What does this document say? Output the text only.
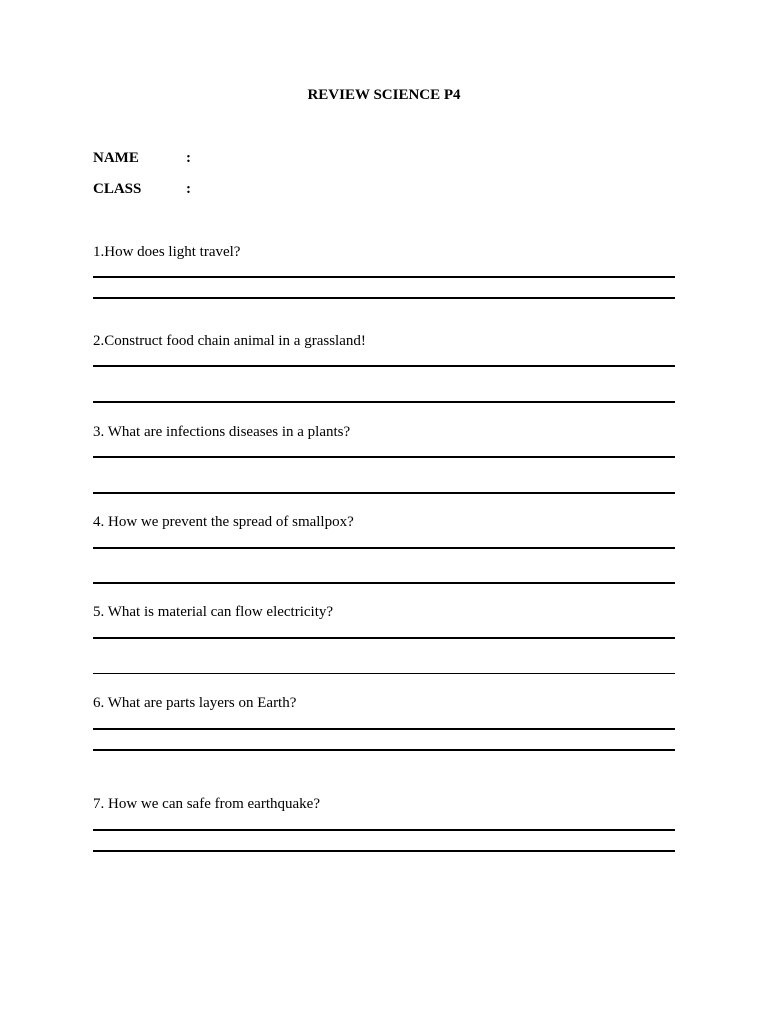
REVIEW SCIENCE P4
NAME	:
CLASS	:
1.How does light travel?
2.Construct food chain animal in a grassland!
3. What are infections diseases in a plants?
4. How we prevent the spread of smallpox?
5. What is material can flow electricity?
6. What are parts layers on Earth?
7. How we can safe from earthquake?
